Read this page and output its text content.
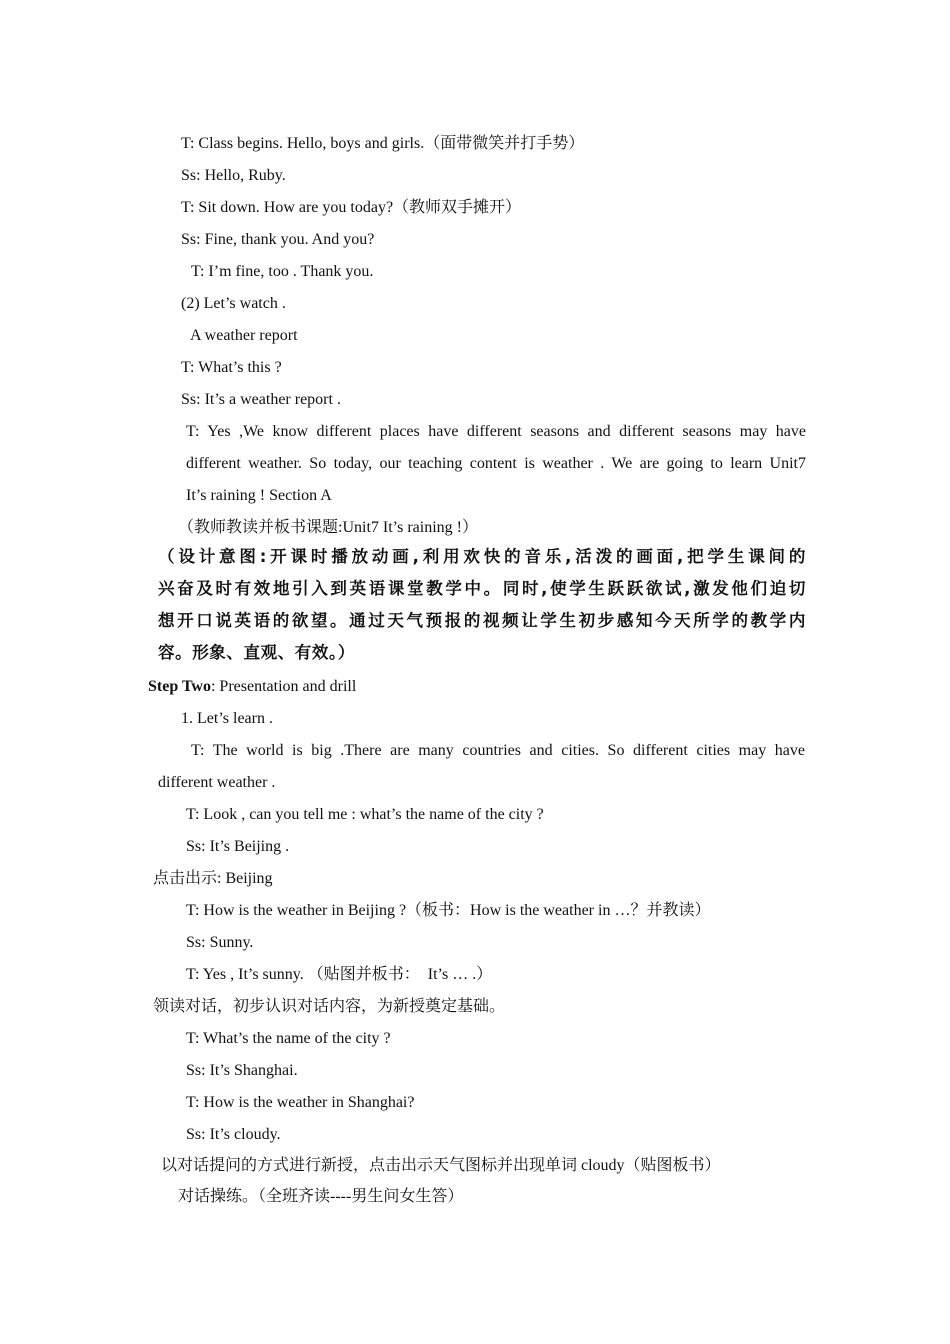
T: Class begins. Hello, boys and girls.（面带微笑并打手势）
Ss: Hello, Ruby.
T: Sit down. How are you today?（教师双手摊开）
Ss: Fine, thank you. And you?
T: I’m fine, too . Thank you.
(2) Let’s watch .
A weather report
T: What’s this ?
Ss: It’s a weather report .
T: Yes ,We know different places have different seasons and different seasons may have
different weather. So today, our teaching content is weather . We are going to learn Unit7
It’s raining ! Section A
（教师教读并板书课题:Unit7 It’s raining !）
（设计意图:开课时播放动画,利用欢快的音乐,活泼的画面,把学生课间的
兴奋及时有效地引入到英语课堂教学中。同时,使学生跃跃欲试,激发他们迫切
想开口说英语的欲望。通过天气预报的视频让学生初步感知今天所学的教学内
容。形象、直观、有效。）
Step Two: Presentation and drill
1. Let’s learn .
T: The world is big .There are many countries and cities. So different cities may have
different weather .
T: Look , can you tell me : what’s the name of the city ?
Ss: It’s Beijing .
点击出示: Beijing
T: How is the weather in Beijing ?（板书：How is the weather in …？并教读）
Ss: Sunny.
T: Yes , It’s sunny. （贴图并板书：　It’s … .）
领读对话，初步认识对话内容，为新授奠定基础。
T: What’s the name of the city ?
Ss: It’s Shanghai.
T: How is the weather in Shanghai?
Ss: It’s cloudy.
以对话提问的方式进行新授，点击出示天气图标并出现单词 cloudy（贴图板书）
对话操练。（全班齐读----男生问女生答）
